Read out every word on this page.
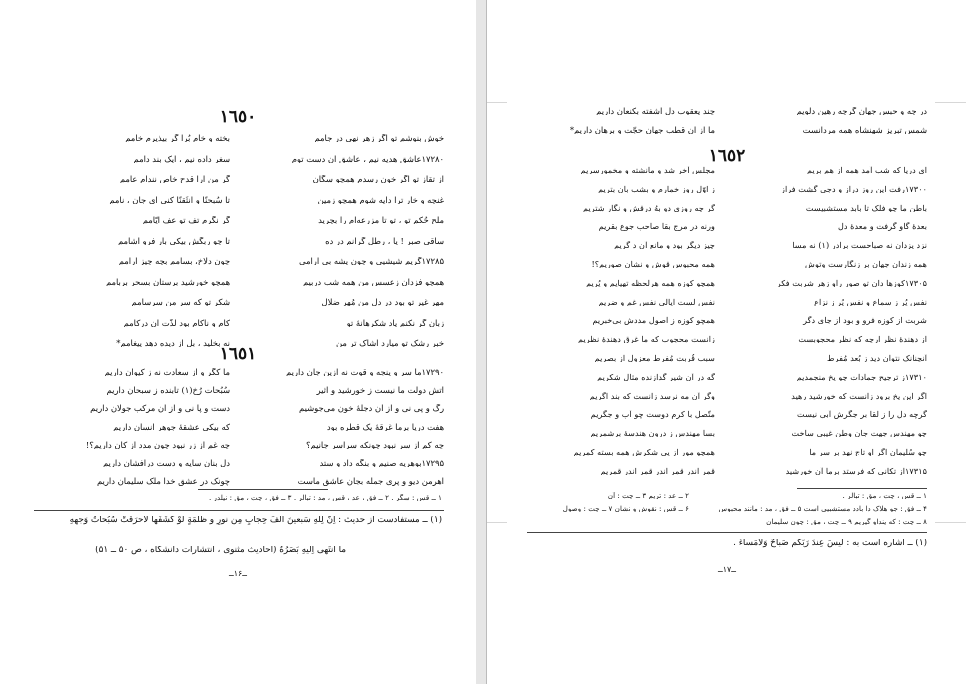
١٦٥٠
خوش بنوشم تو اگر زهر نهی در جامم
بخته و خام بُرا گر بپذیرم خامم
۱۷۲۸۰عاشق هدیه نیم ، عاشق آن دست توم
سغر داده نیم ، ایک بند دامم
از تقاز تو اگر خون رسدم همچو سگان
گر من آرا قدح خاص نندام عامم
غنچه و خار ترا دایه شوم همچو زمین
تا سُبحنًا و اُنثَقنًا کنی ای جان ، نامم
ملح حُکم تو ، تو تا مزرعه‌ام را بچرید
گر نگرم تف تو عف اُیّامم
ساقی صبر ! یا ، رطل گرانم در ده
تا چو ربگش بیکی بار فرو آشامم
۱۷۲۸۵گریم شیشیی و چون پشه بی آرامی
چون دلاخ، بسامم بچه چیز آرامم
همچو فزدان زعسس من همه شب دربیم
همچو خورشید برستان بسحر بربامم
مهر غیر تو بود در دل من مُهر ضلال
شکر تو که سر من سرسامم
زبان گر نکنم یاد شکرهانهٔ تو
کام و ناکام بود لذّت آن درکامم
خبر رشک تو میآرد اشاک تر من
نه بخلید ، بل از دیده دهد پیغامم*
١٦٥١
۱۷۲۹۰ما سر و پنجه و قوت نه ازین جان داریم
ما کگر و از سعادت نه ز کیوان داریم
آتش دولت ما نیست ز خورشید و اثیر
سُبُحات رُخ(۱) تابنده ز سبحان داریم
رگ و پی نی و از آن دجلهٔ خون می‌جوشیم
دست و پا نی و از آن مرکب جولان داریم
هفت دریا برما غرقهٔ یک قطره بود
که بیکی عشقهٔ جوهر انسان داریم
چه کم از سر نبود چونکه سراسر جانیم؟
چه غم از زر نبود چون مدد از کان داریم؟!
۱۷۲۹۵بوهرپه صنیم و بنگه داد و ستد
دل بنان سایه و دست درافشان داریم
اهرمن دیو و پری جمله بجان عاشق ماست
چونک در عشق خدا ملک سلیمان داریم
۱ ــ قس : سگر . ۲ ــ فق ، عد ، قس ، مد : تبالر . ۳ ــ فق ، چت ، مق : نیلدر .
(۱) ــ مستفادست از حدیث : اِنَّ لِلّٰهِ سَبعینَ اَلْفَ حِجابٍ مِن نورٍ و ظُلمَةٍ لَوْ کَشَفَها لَاَحرَقَتْ سُبُحاتُ وَجهِهِ
ما انتَهی اِلَیهِ بَصَرُهُ (احادیث مثنوی ، انتشارات دانشگاه ، ص ۵۰ ــ ۵۱)
ــ۱۶ــ
در چه و حبس جهان گرچه رهین دلویم
چند یعقوب دل آشفته بکنعان داریم
شمس تبریز شهنشاه همه مردانست
ما از آن قطب جهان حجّت و برهان داریم*
١٦٥٢
ای دریا که شب آمد همه از هم بریم
مجلس آخر شد و مانشته و مخمورسریم
۱۷۳۰۰رفت این روز دراز و دجی گشت فراز
ز اوّل روز خمارم و بشب بان بتریم
باطن ما چو فلک تا بابد مستشبیست
گر چه روزی دو بهُ درقش و نگار شتریم
بعدهٔ گاو گرفت و معدهٔ دل
ورنه در مرج بقا صاحب جوع بقریم
نزد یزدان نه صباحست برادر (۱) نه مسا
چیز دیگر بود و مانع آن د گریم
همه زندان جهان بر زنگارست وتوش
همه محبوس قوش و نشان صوریم؟!
۱۷۳۰۵کوزها دان تو صور راو زهر شربت فکر
همچو کوزه همه هرلحظه تهیایم و پُریم
نفس پُر ز سماع و نفس پُر ز نزاع
نفس لست ایالی نفس غم و ضریم
شربت از کوزه فرو و بود از جای دگر
همچو کوزه ز اصول مددش بی‌خبریم
از دهندهٔ نظر ارچه که نظر محجوبست
زانست محجوب که ما غرق دهندهٔ نظریم
آنچنانک نتوان دید ز بُعد مُفرط
سبب قُربت مُفرط معزول از بصریم
۱۷۳۱۰ز ترجیح جمادات چو یخ منجمدیم
گه در آن شیر گدازنده مثال شکریم
اگر این یخ برود زانست که خورشید رهید
وگر آن مه نرسد زانست که بند اگریم
گرچه دل را ز لقا بر جگرش آبی نیست
متّصل با کرم دوست چو آب و جگریم
چو مهندس جهت جان وطن غیبی ساخت
بسا مهندس ز درون هندسهٔ برشمریم
چو سُلیمان اگر او تاج نهد بر سر ما
همچو مور از پیِ شکرش همه بسته کمریم
۱۷۳۱۵از تکانی که فرستد برما آن خورشید
قمر اندر قمر اندر قمر اندر قمریم
۱ ــ قس ، چت ، مق : تبالر .
۴ ــ فق : جو هلاک دا بادد مستشبیی است ۵ ــ فق ، مد : مانند محبوس
۸ ــ چت : که پنداو گیریم ۹ ــ چت ، مق : چون سلیمان
۲ ــ عد : تریم ۳ ــ چت : آن
۶ ــ قس : نقوش و نشان ۷ ــ چت : وصول
(۱) ــ اشاره است به : لَیسَ عِندَ رَبِّکُم صَباحٌ وَلامَساءٌ .
ــ۱۷ــ
